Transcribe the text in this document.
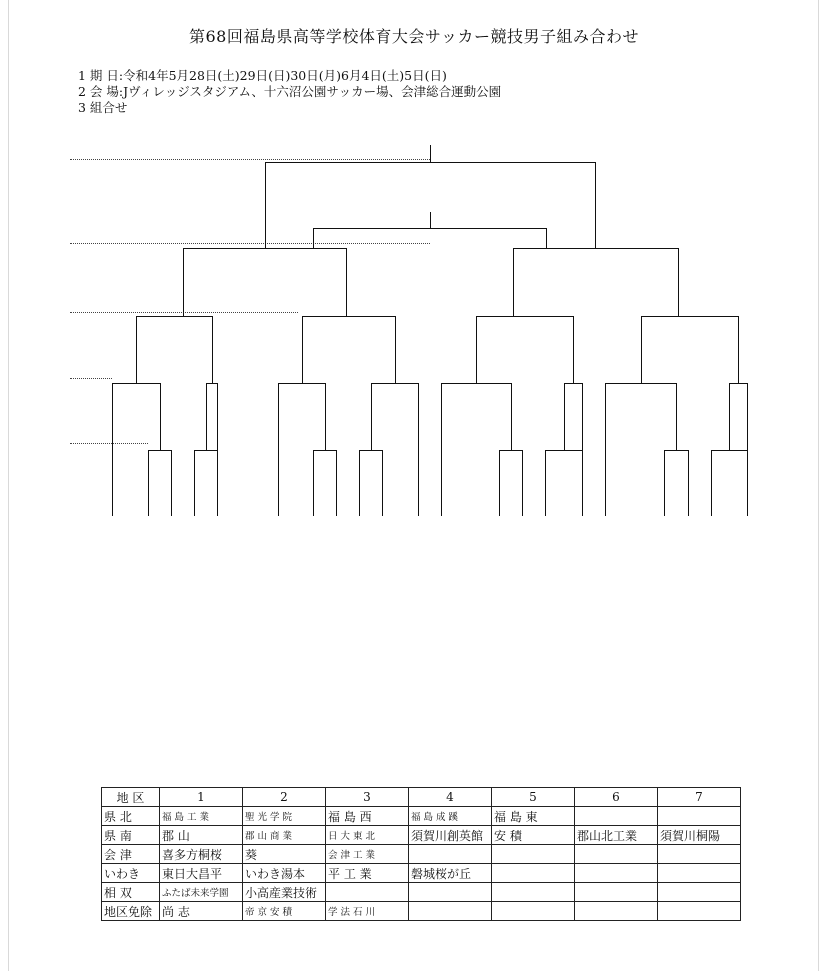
第68回福島県高等学校体育大会サッカー競技男子組み合わせ
1 期 日:令和4年5月28日(土)29日(日)30日(月)6月4日(土)5日(日)
2 会 場:Jヴィレッジスタジアム、十六沼公園サッカー場、会津総合運動公園
3 組合せ
地 区	1	2	3	4	5	6	7
県 北	福 島 工 業	聖 光 学 院	福 島 西	福 島 成 蹊	福 島 東		
県 南	郡 山	郡 山 商 業	日 大 東 北	須賀川創英館	安 積	郡山北工業	須賀川桐陽
会 津	喜多方桐桜	葵	会 津 工 業				
いわき	東日大昌平	いわき湯本	平 工 業	磐城桜が丘			
相 双	ふたば未来学園	小高産業技術					
地区免除	尚 志	帝 京 安 積	学 法 石 川				
